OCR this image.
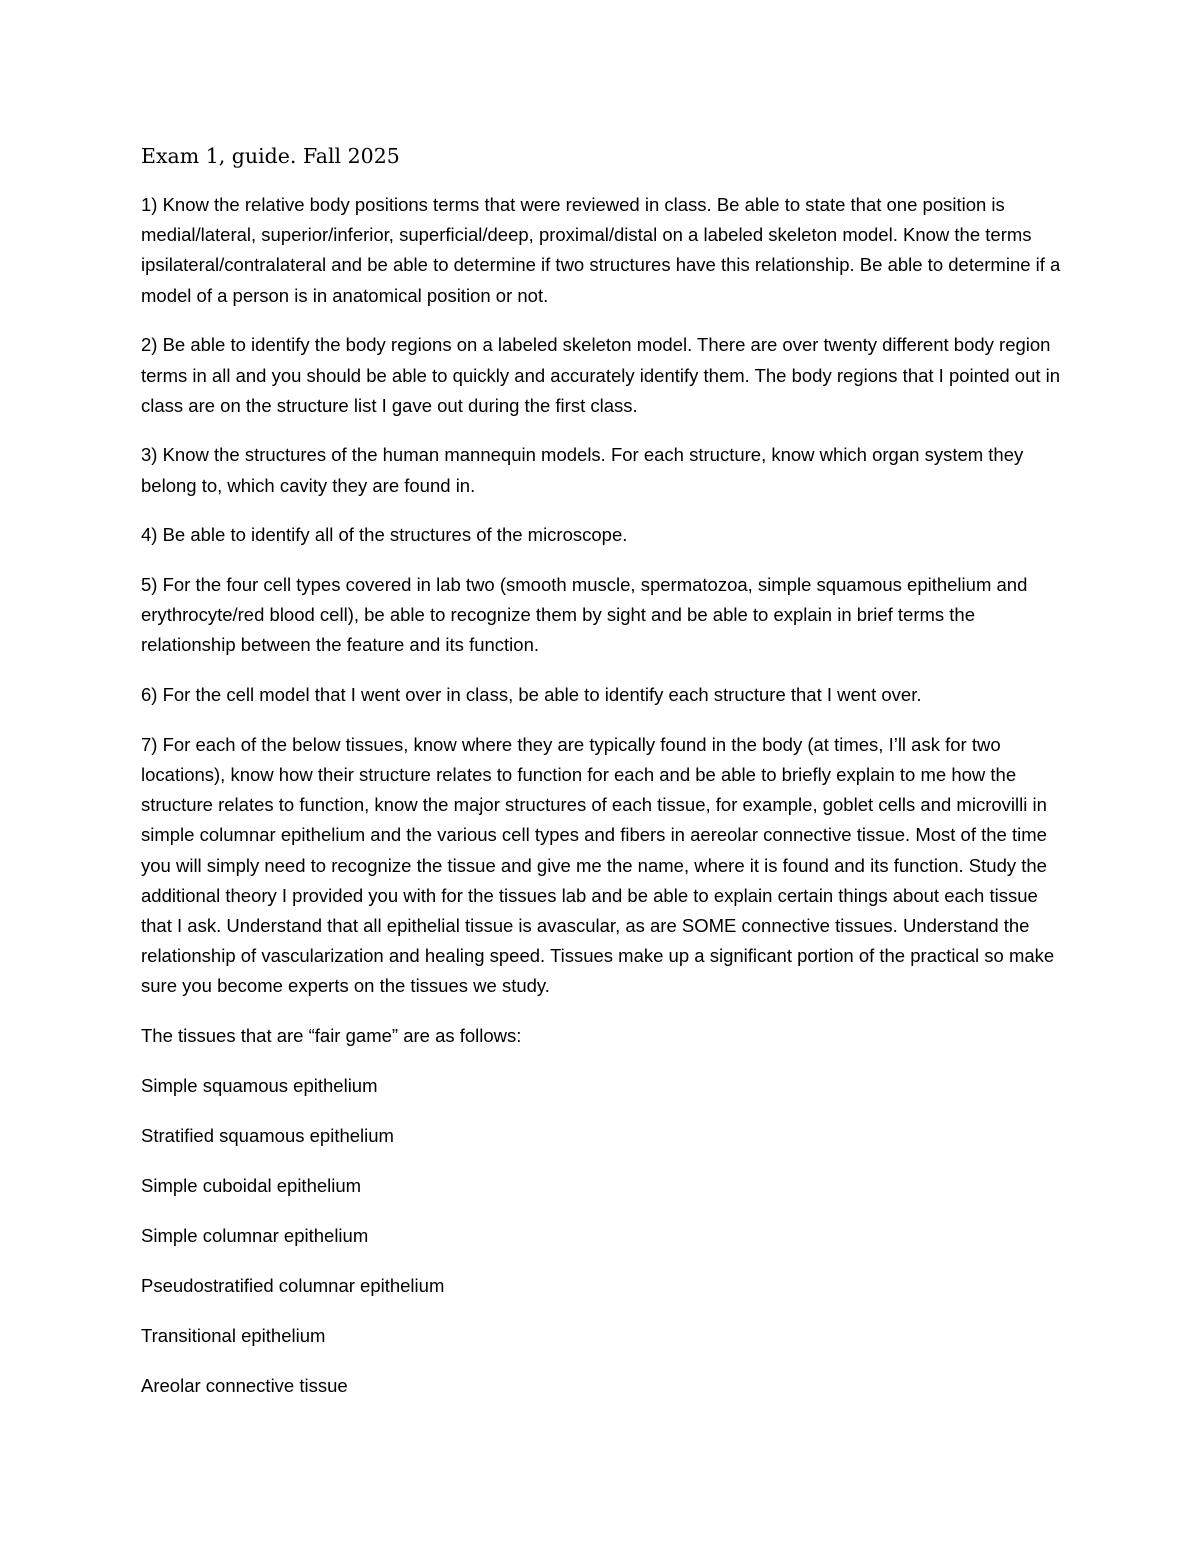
Exam 1, guide. Fall 2025

1) Know the relative body positions terms that were reviewed in class. Be able to state that one position is medial/lateral, superior/inferior, superficial/deep, proximal/distal on a labeled skeleton model. Know the terms ipsilateral/contralateral and be able to determine if two structures have this relationship. Be able to determine if a model of a person is in anatomical position or not.

2) Be able to identify the body regions on a labeled skeleton model. There are over twenty different body region terms in all and you should be able to quickly and accurately identify them. The body regions that I pointed out in class are on the structure list I gave out during the first class.

3) Know the structures of the human mannequin models. For each structure, know which organ system they belong to, which cavity they are found in.

4) Be able to identify all of the structures of the microscope.

5) For the four cell types covered in lab two (smooth muscle, spermatozoa, simple squamous epithelium and erythrocyte/red blood cell), be able to recognize them by sight and be able to explain in brief terms the relationship between the feature and its function.

6) For the cell model that I went over in class, be able to identify each structure that I went over.

7) For each of the below tissues, know where they are typically found in the body (at times, I’ll ask for two locations), know how their structure relates to function for each and be able to briefly explain to me how the structure relates to function, know the major structures of each tissue, for example, goblet cells and microvilli in simple columnar epithelium and the various cell types and fibers in aereolar connective tissue. Most of the time you will simply need to recognize the tissue and give me the name, where it is found and its function. Study the additional theory I provided you with for the tissues lab and be able to explain certain things about each tissue that I ask. Understand that all epithelial tissue is avascular, as are SOME connective tissues. Understand the relationship of vascularization and healing speed. Tissues make up a significant portion of the practical so make sure you become experts on the tissues we study.

The tissues that are “fair game” are as follows:

Simple squamous epithelium
Stratified squamous epithelium
Simple cuboidal epithelium
Simple columnar epithelium
Pseudostratified columnar epithelium
Transitional epithelium
Areolar connective tissue
